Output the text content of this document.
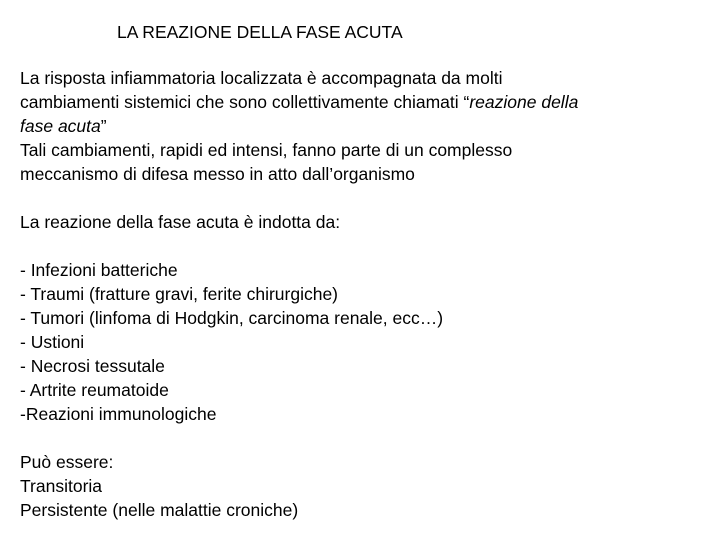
LA REAZIONE DELLA FASE ACUTA
La risposta infiammatoria localizzata è accompagnata da molti
cambiamenti sistemici che sono collettivamente chiamati “reazione della
fase acuta”
Tali cambiamenti, rapidi ed intensi, fanno parte di un complesso
meccanismo di difesa messo in atto dall’organismo
La reazione della fase acuta è indotta da:
- Infezioni batteriche
- Traumi (fratture gravi, ferite chirurgiche)
- Tumori (linfoma di Hodgkin, carcinoma renale, ecc…)
- Ustioni
- Necrosi tessutale
- Artrite reumatoide
-Reazioni immunologiche
Può essere:
Transitoria
Persistente (nelle malattie croniche)
